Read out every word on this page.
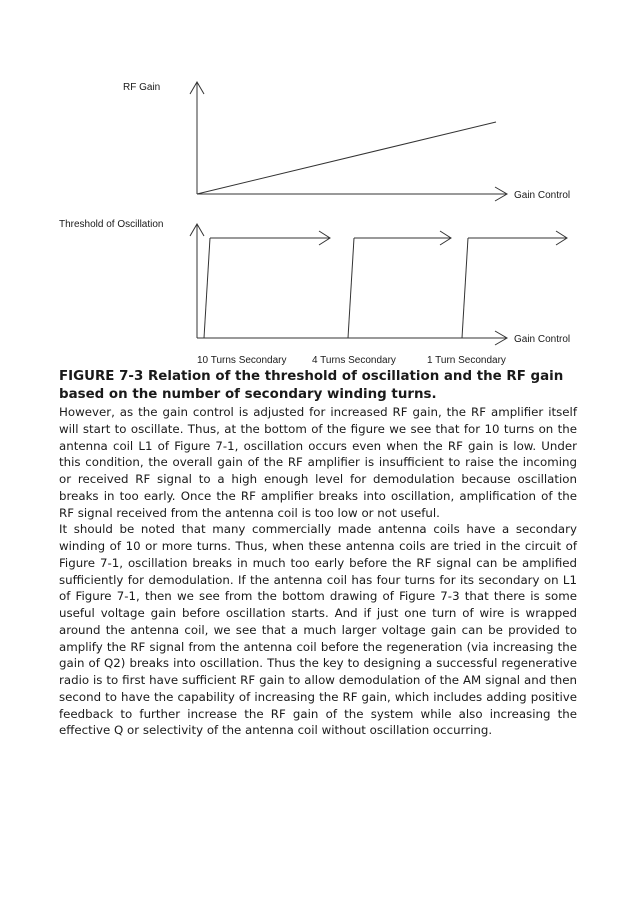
RF Gain
Gain Control
Threshold of Oscillation
Gain Control
10 Turns Secondary	4 Turns Secondary	1 Turn Secondary

FIGURE 7-3 Relation of the threshold of oscillation and the RF gain based on the number of secondary winding turns.

However, as the gain control is adjusted for increased RF gain, the RF amplifier itself will start to oscillate. Thus, at the bottom of the figure we see that for 10 turns on the antenna coil L1 of Figure 7-1, oscillation occurs even when the RF gain is low. Under this condition, the overall gain of the RF amplifier is insufficient to raise the incoming or received RF signal to a high enough level for demodulation because oscillation breaks in too early. Once the RF amplifier breaks into oscillation, amplification of the RF signal received from the antenna coil is too low or not useful.

It should be noted that many commercially made antenna coils have a secondary winding of 10 or more turns. Thus, when these antenna coils are tried in the circuit of Figure 7-1, oscillation breaks in much too early before the RF signal can be amplified sufficiently for demodulation. If the antenna coil has four turns for its secondary on L1 of Figure 7-1, then we see from the bottom drawing of Figure 7-3 that there is some useful voltage gain before oscillation starts. And if just one turn of wire is wrapped around the antenna coil, we see that a much larger voltage gain can be provided to amplify the RF signal from the antenna coil before the regeneration (via increasing the gain of Q2) breaks into oscillation. Thus the key to designing a successful regenerative radio is to first have sufficient RF gain to allow demodulation of the AM signal and then second to have the capability of increasing the RF gain, which includes adding positive feedback to further increase the RF gain of the system while also increasing the effective Q or selectivity of the antenna coil without oscillation occurring.
